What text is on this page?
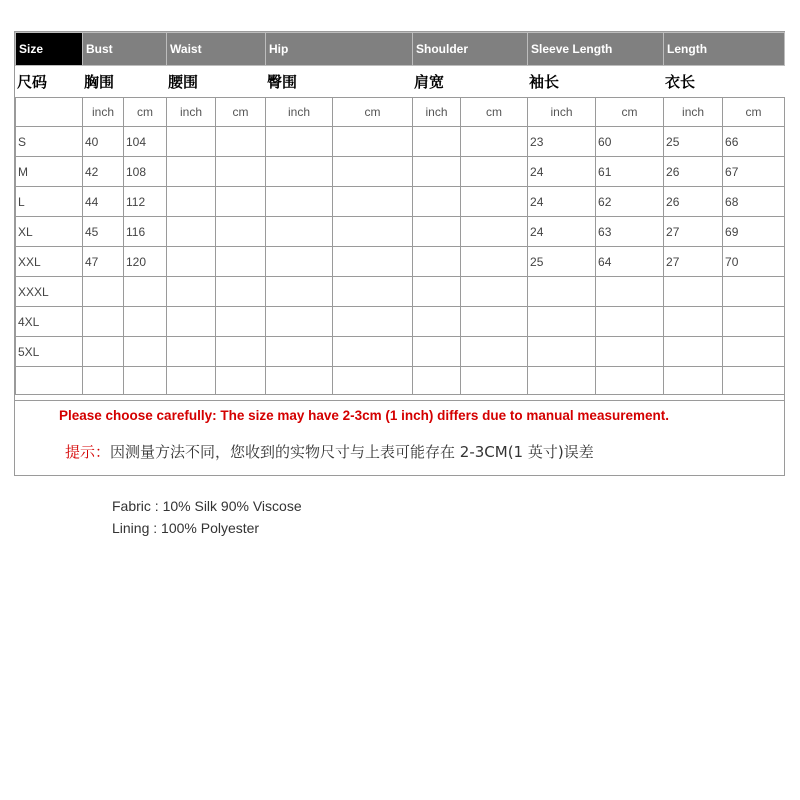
Size	Bust		Waist		Hip		Shoulder		Sleeve Length		Length	
尺码	胸围		腰围		臀围		肩宽		袖长		衣长	
	inch	cm	inch	cm	inch	cm	inch	cm	inch	cm	inch	cm
S	40	104							23	60	25	66
M	42	108							24	61	26	67
L	44	112							24	62	26	68
XL	45	116							24	63	27	69
XXL	47	120							25	64	27	70
XXXL												
4XL												
5XL												

Please choose carefully: The size may have 2-3cm (1 inch) differs due to manual measurement.
提示：因测量方法不同，您收到的实物尺寸与上表可能存在 2-3CM(1 英寸)误差
Fabric : 10% Silk 90% Viscose
Lining : 100% Polyester
